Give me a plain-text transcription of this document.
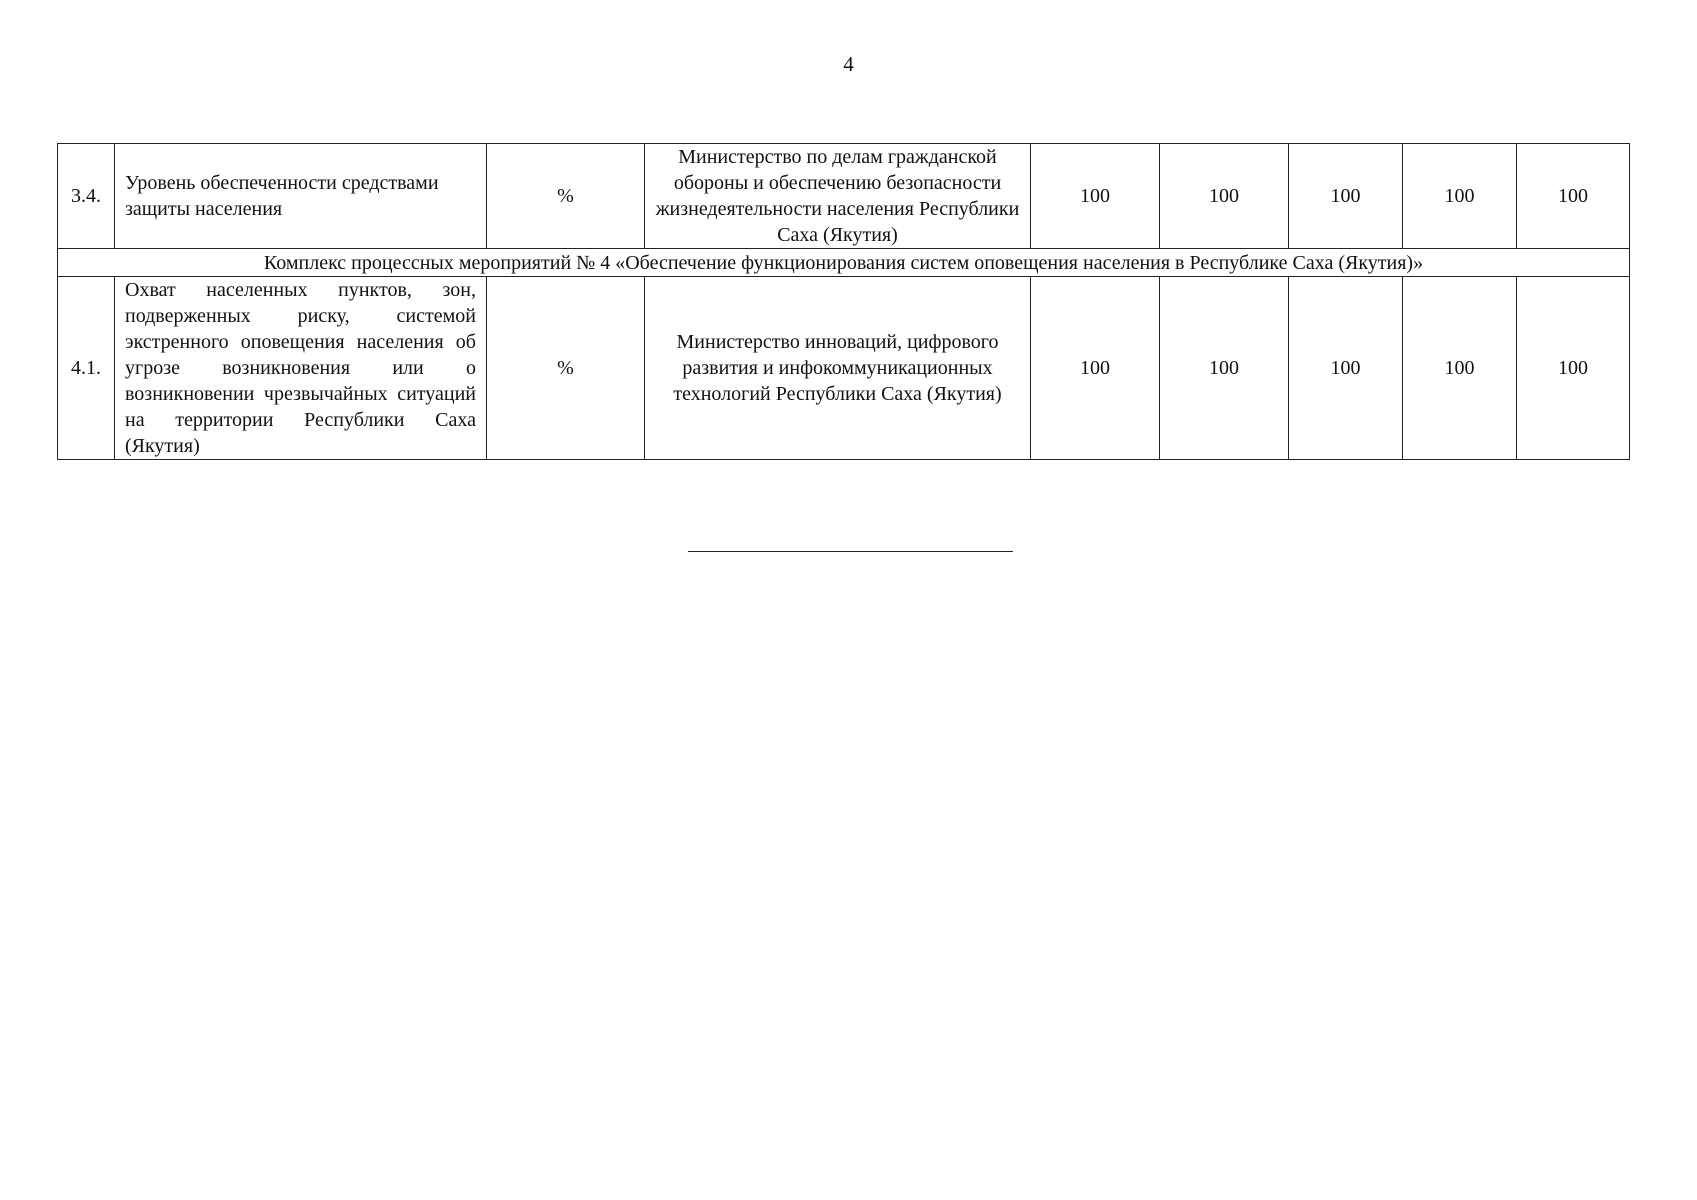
4
3.4.	Уровень обеспеченности средствами защиты населения	%	Министерство по делам гражданской обороны и обеспечению безопасности жизнедеятельности населения Республики Саха (Якутия)	100	100	100	100	100
Комплекс процессных мероприятий № 4 «Обеспечение функционирования систем оповещения населения в Республике Саха (Якутия)»								
4.1.	Охват населенных пунктов, зон, подверженных риску, системой экстренного оповещения населения об угрозе возникновения или о возникновении чрезвычайных ситуаций на территории Республики Саха (Якутия)	%	Министерство инноваций, цифрового развития и инфокоммуникационных технологий Республики Саха (Якутия)	100	100	100	100	100
